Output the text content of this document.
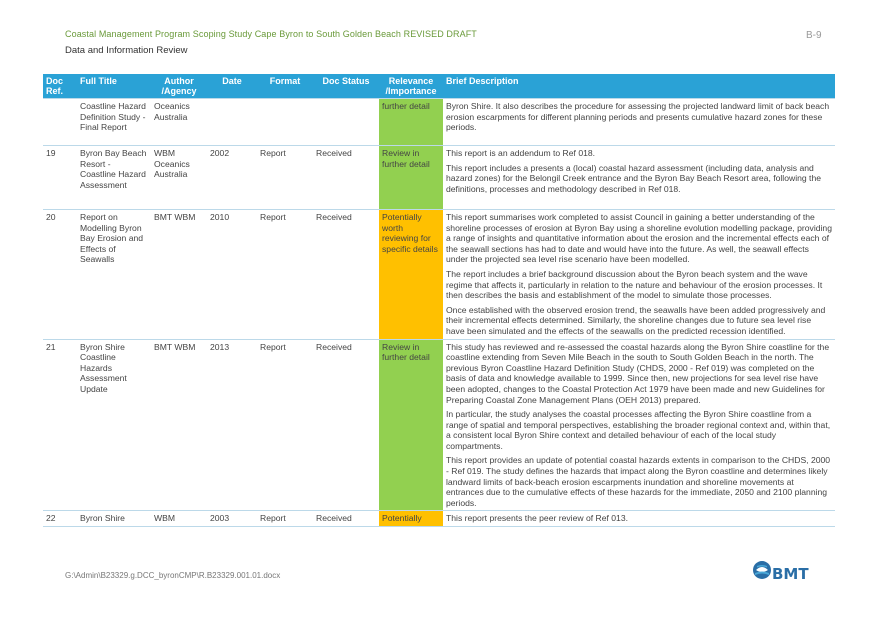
Coastal Management Program Scoping Study Cape Byron to South Golden Beach REVISED DRAFT
Data and Information Review
B-9
Doc Ref.	Full Title	Author /Agency	Date	Format	Doc Status	Relevance /Importance	Brief Description
	Coastline Hazard Definition Study - Final Report	Oceanics Australia				further detail	Byron Shire. It also describes the procedure for assessing the projected landward limit of back beach erosion escarpments for different planning periods and presents cumulative hazard zones for these periods.

19	Byron Bay Beach Resort - Coastline Hazard Assessment	WBM Oceanics Australia	2002	Report	Received	Review in further detail	This report is an addendum to Ref 018.

This report includes a presents a (local) coastal hazard assessment (including data, analysis and hazard zones) for the Belongil Creek entrance and the Byron Bay Beach Resort area, following the definitions, processes and methodology described in Ref 018.

20	Report on Modelling Byron Bay Erosion and Effects of Seawalls	BMT WBM	2010	Report	Received	Potentially worth reviewing for specific details	This report summarises work completed to assist Council in gaining a better understanding of the shoreline processes of erosion at Byron Bay using a shoreline evolution modelling package, providing a range of insights and quantitative information about the erosion and the incremental effects each of the seawall sections has had to date and would have into the future. As well, the seawall effects under the projected sea level rise scenario have been modelled.

The report includes a brief background discussion about the Byron beach system and the wave regime that affects it, particularly in relation to the nature and behaviour of the erosion processes. It then describes the basis and establishment of the model to simulate those processes.

Once established with the observed erosion trend, the seawalls have been added progressively and their incremental effects determined. Similarly, the shoreline changes due to future sea level rise have been simulated and the effects of the seawalls on the predicted recession identified.

21	Byron Shire Coastline Hazards Assessment Update	BMT WBM	2013	Report	Received	Review in further detail	This study has reviewed and re-assessed the coastal hazards along the Byron Shire coastline for the coastline extending from Seven Mile Beach in the south to South Golden Beach in the north. The previous Byron Coastline Hazard Definition Study (CHDS, 2000 - Ref 019) was completed on the basis of data and knowledge available to 1999. Since then, new projections for sea level rise have been adopted, changes to the Coastal Protection Act 1979 have been made and new Guidelines for Preparing Coastal Zone Management Plans (OEH 2013) prepared.

In particular, the study analyses the coastal processes affecting the Byron Shire coastline from a range of spatial and temporal perspectives, establishing the broader regional context and, within that, a consistent local Byron Shire context and detailed behaviour of each of the local study compartments.

This report provides an update of potential coastal hazards extents in comparison to the CHDS, 2000 - Ref 019. The study defines the hazards that impact along the Byron coastline and determines likely landward limits of back-beach erosion escarpments inundation and shoreline movements at entrances due to the cumulative effects of these hazards for the immediate, 2050 and 2100 planning periods.

22	Byron Shire	WBM	2003	Report	Received	Potentially	This report presents the peer review of Ref 013.

G:\Admin\B23329.g.DCC_byronCMP\R.B23329.001.01.docx	BMT
